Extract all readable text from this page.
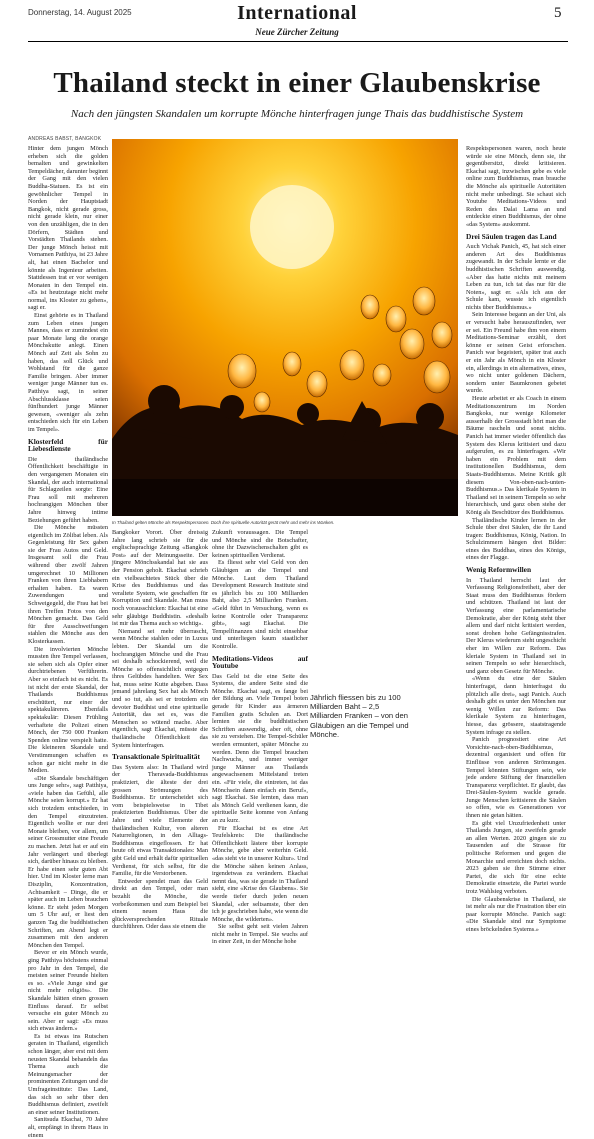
Donnerstag, 14. August 2025	International
Neue Zürcher Zeitung
5
Thailand steckt in einer Glaubenskrise
Nach den jüngsten Skandalen um korrupte Mönche hinterfragen junge Thais das buddhistische System
ANDREAS BABST, BANGKOK

Hinter dem jungen Mönch erheben sich die golden bemalten und gewinkelten Tempeldächer, darunter beginnt der Gang mit den vielen Buddha-Statuen. Es ist ein gewöhnlicher Tempel in Norden der Hauptstadt Bangkok, nicht gerade gross, nicht gerade klein, nur einer von den unzähligen, die in den Dörfern, Städten und Vorstädten Thailands stehen. Der junge Mönch heisst mit Vornamen Patthiya, ist 23 Jahre alt, hat einen Bachelor und könnte als Ingenieur arbeiten. Stattdessen trat er vor wenigen Monaten in den Tempel ein. «Es ist heutzutage nicht mehr normal, ins Kloster zu gehen», sagt er.

Einst gehörte es in Thailand zum Leben eines jungen Mannes, dass er zumindest ein paar Monate lang die orange Mönchskutte anlegt. Einen Mönch auf Zeit als Sohn zu haben, das soll Glück und Wohlstand für die ganze Familie bringen. Aber immer weniger junge Männer tun es. Patthiya sagt, in seiner Abschlussklasse seien fünfhundert junge Männer gewesen, «weniger als zehn entschieden sich für ein Leben im Tempel».

Klosterfeld für Liebesdienste

Die thailändische Öffentlichkeit beschäftigte in den vergangenen Monaten ein Skandal, der auch international für Schlagzeilen sorgte: Eine Frau soll mit mehreren hochrangigen Mönchen über Jahre hinweg intime Beziehungen geführt haben.

Die Mönche müssten eigentlich im Zölibat leben. Als Gegenleistung für Sex gaben sie der Frau Autos und Geld. Insgesamt soll die Frau während über zwölf Jahren umgerechnet 10 Millionen Franken von ihren Liebhabern erhalten haben. Es waren Zuwendungen und Schweigegeld, die Frau hat bei ihren Treffen Fotos von den Mönchen gemacht. Das Geld für ihre Ausschweifungen stahlen die Mönche aus den Klosterkassen.

Die involvierten Mönche mussten ihre Tempel verlassen, sie sehen sich als Opfer einer durchtriebenen Verführerin. Aber so einfach ist es nicht. Es ist nicht der erste Skandal, der Thailands Buddhismus erschüttert, nur einer der spektakuläreren. Ebenfalls spektakulär: Diesen Frühling verhaftete die Polizei einen Mönch, der 750 000 Franken Spenden online verspielt hatte. Die kleineren Skandale und Verstimmungen schaffen es schon gar nicht mehr in die Medien.

«Die Skandale beschäftigen uns Junge sehr», sagt Patthiya, «viele haben das Gefühl, alle Mönche seien korrupt.» Er hat sich trotzdem entschieden, in den Tempel einzutreten. Eigentlich wollte er nur drei Monate bleiben, vor allem, um seiner Grossmutter eine Freude zu machen. Jetzt hat er auf ein Jahr verlängert und überlegt sich, darüber hinaus zu bleiben. Er habe einen sehr guten Abt hier. Und im Kloster lerne man Disziplin, Konzentration, Achtsamkeit – Dinge, die er später auch im Leben brauchen könne. Er steht jeden Morgen um 5 Uhr auf, er liest den ganzen Tag die buddhistischen Schriften, am Abend legt er zusammen mit den anderen Mönchen den Tempel.

Bevor er ein Mönch wurde, ging Patthiya höchstens einmal pro Jahr in den Tempel, die meisten seiner Freunde hielten es so. «Viele Junge sind gar nicht mehr religiös». Die Skandale hätten einen grossen Einfluss darauf. Er selbst versuche ein guter Mönch zu sein. Aber er sagt: «Es muss sich etwas ändern.»

Es ist etwas ins Rutschen geraten in Thailand, eigentlich schon länger, aber erst mit dem neusten Skandal behandeln das Thema auch die Meinungsmacher der prominenten Zeitungen und die Umfrageinstitute: Das Land, das sich so sehr über den Buddhismus definiert, zweifelt an einer seiner Institutionen.

Sanitsuda Ekachai, 70 Jahre alt, empfängt in ihrem Haus in einem

In Thailand gelten Mönche als Respektspersonen. Doch ihre spirituelle Autorität gerät mehr und mehr ins Wanken.

Bangkoker Vorort. Über dreissig Jahre lang schrieb sie für die englischsprachige Zeitung «Bangkok Post» auf der Meinungsseite. Der jüngere Mönchsskandal hat sie aus der Pension geholt. Ekachai schrieb ein vielbeachtetes Stück über die Krise des Buddhismus und das veraltete System, wie geschaffen für Korruption und Skandale. Man muss noch vorausschicken: Ekachai ist eine sehr gläubige Buddhistin. «deshalb ist mir das Thema auch so wichtig».

Niemand sei mehr überrascht, wenn Mönche stahlen oder in Luxus lebten. Der Skandal um die hochrangigen Mönche und die Frau sei deshalb schockierend, weil die Mönche so offensichtlich entgegen ihres Gelübdes handelten. Wer Sex hat, muss seine Kutte abgeben. Dass jemand jahrelang Sex hat als Mönch und so tut, als sei er trotzdem ein devoter Buddhist und eine spirituelle Autorität, das sei es, was die Menschen so wütend mache. Aber eigentlich, sagt Ekachai, müsste die thailändische Öffentlichkeit das System hinterfragen.

Transaktionale Spiritualität

Das System also: In Thailand wird der Theravada-Buddhismus praktiziert, die älteste der drei grossen Strömungen des Buddhismus. Er unterscheidet sich vom beispielsweise in Tibet praktizierten Buddhismus. Über die Jahre und viele Elemente der thailändischen Kultur, von alteren Naturreligionen, in den Alltags-Buddhismus eingeflossen. Er hat heute oft etwas Transaktionales: Man gibt Geld und erhält dafür spirituellen Verdienst, für sich selbst, für die Familie, für die Verstorbenen.

Entweder spendet man das Geld direkt an den Tempel, oder man bezahlt die Mönche, die vorbeikommen und zum Beispiel bei einem neuen Haus die glückversprechenden Rituale durchführen. Oder dass sie einem die

Zukunft voraussagen. Die Tempel und Mönche sind die Botschafter, ohne ihr Dazwischenschalten gibt es keinen spirituellen Verdienst.

Es fliesst sehr viel Geld von den Gläubigen an die Tempel und Mönche. Laut dem Thailand Development Research Institute sind es jährlich bis zu 100 Milliarden Baht, also 2,5 Milliarden Franken. «Geld führt in Versuchung, wenn es keine Kontrolle oder Transparenz gibt», sagt Ekachai. Die Tempelfinanzen sind nicht einsehbar und unterliegen kaum staatlicher Kontrolle.

Meditations-Videos auf Youtube

Das Geld ist die eine Seite des Systems, die andere Seite sind die Mönche. Ekachai sagt, es fange bei der Bildung an. Viele Tempel boten gerade für Kinder aus ärmeren Familien gratis Schulen an. Dort lernten sie die buddhistischen Schriften auswendig, aber oft, ohne sie zu verstehen. Die Tempel-Schüler werden ermuntert, später Mönche zu werden. Denn die Tempel brauchen Nachwuchs, und immer weniger junge Männer aus Thailands angewachsenem Mittelstand treten ein. «Für viele, die eintreten, ist das Mönchsein dann einfach ein Beruf», sagt Ekachai. Sie lernten, dass man als Mönch Geld verdienen kann, die spirituelle Seite komme von Anfang an zu kurz.

Für Ekachai ist es eine Art Teufelskreis: Die thailändische Öffentlichkeit lästere über korrupte Mönche, gebe aber weiterhin Geld. «das sieht vie in unserer Kultur». Und die Mönche sähen keinen Anlass, irgendetwas zu verändern. Ekachai nennt das, was sie gerade in Thailand sieht, eine «Krise des Glaubens». Sie werde tiefer durch jeden neuen Skandal, «der seltsamste, über den ich je geschrieben habe, wie wenn die Mönche, die wilderten».

Sie selbst geht seit vielen Jahren nicht mehr in Tempel. Sie wuchs auf in einer Zeit, in der Mönche hohe

Jährlich fliessen bis zu 100 Milliarden Baht – 2,5 Milliarden Franken – von den Gläubigen an die Tempel und Mönche.

Respektspersonen waren, noch heute würde sie eine Mönch, denn sie, ihr gegenübersitzt, direkt kritisieren. Ekachai sagt, inzwischen gebe es viele online zum Buddhismus, man brauche die Mönche als spirituelle Autoritäten nicht mehr unbedingt. Sie schaut sich Youtube Meditations-Videos und Reden des Dalai Lama an und entdeckte einen Buddhismus, der ohne «das System» auskommt.

Drei Säulen tragen das Land

Auch Vichak Panich, 45, hat sich einer anderen Art des Buddhismus zugewandt. In der Schule lernte er die buddhistischen Schriften auswendig. «Aber das hatte nichts mit meinem Leben zu tun, ich tat das nur für die Noten», sagt er. «Als ich aus der Schule kam, wusste ich eigentlich nichts über Buddhismus.»

Sein Interesse begann an der Uni, als er versucht habe herauszufinden, wer er sei. Ein Freund habe ihm von einem Meditations-Seminar erzählt, dort könne er seinen Geist erforschen. Panich war begeistert, später trat auch er ein Jahr als Mönch in ein Kloster ein, allerdings in ein alternatives, eines, wo nicht unter goldenen Dächern, sondern unter Baumkronen gebetet wurde.

Heute arbeitet er als Coach in einem Meditationszentrum im Norden Bangkoks, nur wenige Kilometer ausserhalb der Grossstadt hört man die Bäume rascheln und sonst nichts. Panich hat immer wieder öffentlich das System des Klerus kritisiert und dazu aufgerufen, es zu hinterfragen. «Wir haben ein Problem mit dem institutionellen Buddhismus, dem Staats-Buddhismus. Meine Kritik gilt diesem Von-oben-nach-unten-Buddhismus.» Das klerikale System in Thailand sei in seinem Tempeln so sehr hierarchisch, und ganz oben stehe der König als Beschützer des Buddhismus.

Thailändische Kinder lernen in der Schule über drei Säulen, die ihr Land tragen: Buddhismus, König, Nation. In Schulzimmern hängen drei Bilder: eines des Buddhas, eines des Königs, eines der Flagge.

Wenig Reformwillen

In Thailand herrscht laut der Verfassung Religionsfreiheit, aber der Staat muss den Buddhismus fördern und schützen. Thailand ist laut der Verfassung eine parlamentarische Demokratie, aber der König steht über allem und darf nicht kritisiert werden, sonst drohen hohe Gefängnisstrafen. Der Klerus wiederum steht ungeschicht eher im Willen zur Reform. Das kleriale System in Thailand sei in seinen Tempeln so sehr hierarchisch, und ganz oben Gesetz für Mönche.

«Wenn du eine der Säulen hinterfragst, dann hinterfragst du plötzlich alle drei», sagt Panich. Auch deshalb gibt es unter den Mönchen nur wenig Willen zur Reform: Das klerikale System zu hinterfragen, hiesse, das grössere, staatstragende System infrage zu stellen.

Panich prognostiert eine Art Vorsichte-nach-oben-Buddhismus, dezentral organisiert und offen für Einflüsse von anderen Strömungen. Tempel könnten Stiftungen sein, wie jede andere Stiftung der finanziellen Transparenz verpflichtet. Er glaubt, das Drei-Säulen-System wackle gerade. Junge Menschen kritisieren die Säulen so offen, wie es Generationen vor ihnen nie getan hätten.

Es gibt viel Unzufriedenheit unter Thailands Jungen, sie zweifeln gerade an allen Werten. 2020 gingen sie zu Tausenden auf die Strasse für politische Reformen und gegen die Monarchie und erreichten doch nichts. 2023 gaben sie ihre Stimme einer Partei, die sich für eine echte Demokratie einsetzte, die Partei wurde trotz Wahlsieg verboten.

Die Glaubenskrise in Thailand, sie ist mehr als nur die Frustration über ein paar korrupte Mönche. Panich sagt: «Die Skandale sind nur Symptome eines bröckelnden Systems.»
